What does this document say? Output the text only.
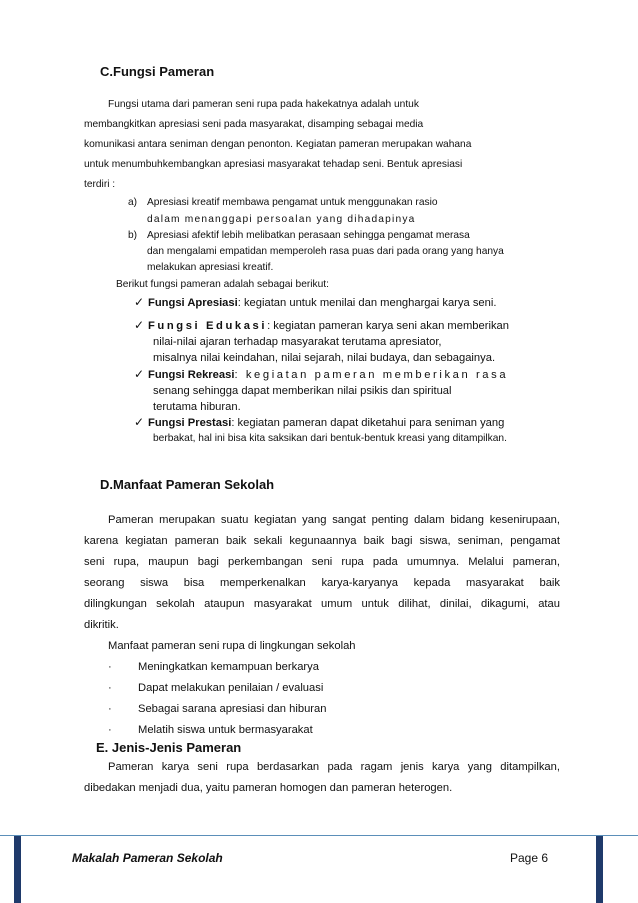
C.Fungsi Pameran
Fungsi utama dari pameran seni rupa pada hakekatnya adalah untuk
membangkitkan apresiasi seni pada masyarakat, disamping sebagai media
komunikasi antara seniman dengan penonton. Kegiatan pameran merupakan wahana
untuk menumbuhkembangkan apresiasi masyarakat tehadap seni. Bentuk apresiasi
terdiri :
a) Apresiasi kreatif membawa pengamat untuk menggunakan rasio
dalam menanggapi persoalan yang dihadapinya
b) Apresiasi afektif lebih melibatkan perasaan sehingga pengamat merasa
dan mengalami empatidan memperoleh rasa puas dari pada orang yang hanya
melakukan apresiasi kreatif.
Berikut fungsi pameran adalah sebagai berikut:
✓ Fungsi Apresiasi: kegiatan untuk menilai dan menghargai karya seni.
✓ Fungsi Edukasi: kegiatan pameran karya seni akan memberikan
nilai-nilai ajaran terhadap masyarakat terutama apresiator,
misalnya nilai keindahan, nilai sejarah, nilai budaya, dan sebagainya.
✓ Fungsi Rekreasi: kegiatan pameran memberikan rasa
senang sehingga dapat memberikan nilai psikis dan spiritual
terutama hiburan.
✓ Fungsi Prestasi: kegiatan pameran dapat diketahui para seniman yang
berbakat, hal ini bisa kita saksikan dari bentuk-bentuk kreasi yang ditampilkan.
D.Manfaat Pameran Sekolah
Pameran merupakan suatu kegiatan yang sangat penting dalam bidang kesenirupaan,
karena kegiatan pameran baik sekali kegunaannya baik bagi siswa, seniman, pengamat
seni rupa, maupun bagi perkembangan seni rupa pada umumnya. Melalui pameran,
seorang siswa bisa memperkenalkan karya-karyanya kepada masyarakat baik
dilingkungan sekolah ataupun masyarakat umum untuk dilihat, dinilai, dikagumi, atau
dikritik.
Manfaat pameran seni rupa di lingkungan sekolah
· Meningkatkan kemampuan berkarya
· Dapat melakukan penilaian / evaluasi
· Sebagai sarana apresiasi dan hiburan
· Melatih siswa untuk bermasyarakat
E. Jenis-Jenis Pameran
Pameran karya seni rupa berdasarkan pada ragam jenis karya yang ditampilkan,
dibedakan menjadi dua, yaitu pameran homogen dan pameran heterogen.
Makalah Pameran Sekolah	Page 6
